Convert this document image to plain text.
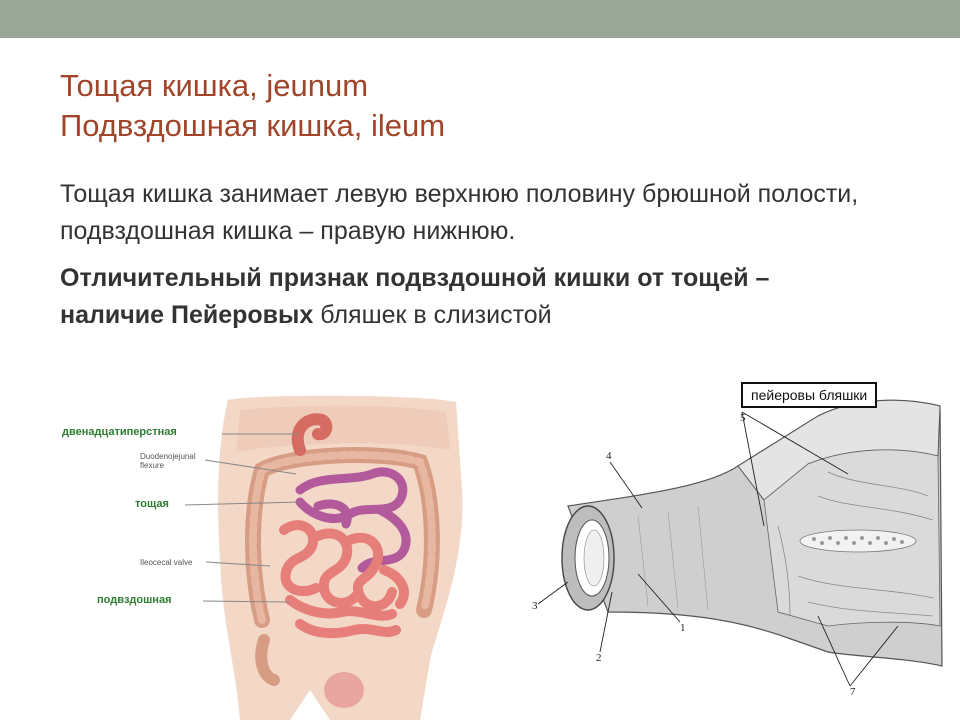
Тощая кишка, jeunum
Подвздошная кишка, ileum
Тощая кишка занимает левую верхнюю половину брюшной полости, подвздошная кишка – правую нижнюю.
Отличительный признак подвздошной кишки от тощей – наличие Пейеровых бляшек в слизистой
двенадцатиперстная
Duodenojejunal
flexure
тощая
Ileocecal valve
подвздошная
пейеровы бляшки
5
4
3
2
1
7
